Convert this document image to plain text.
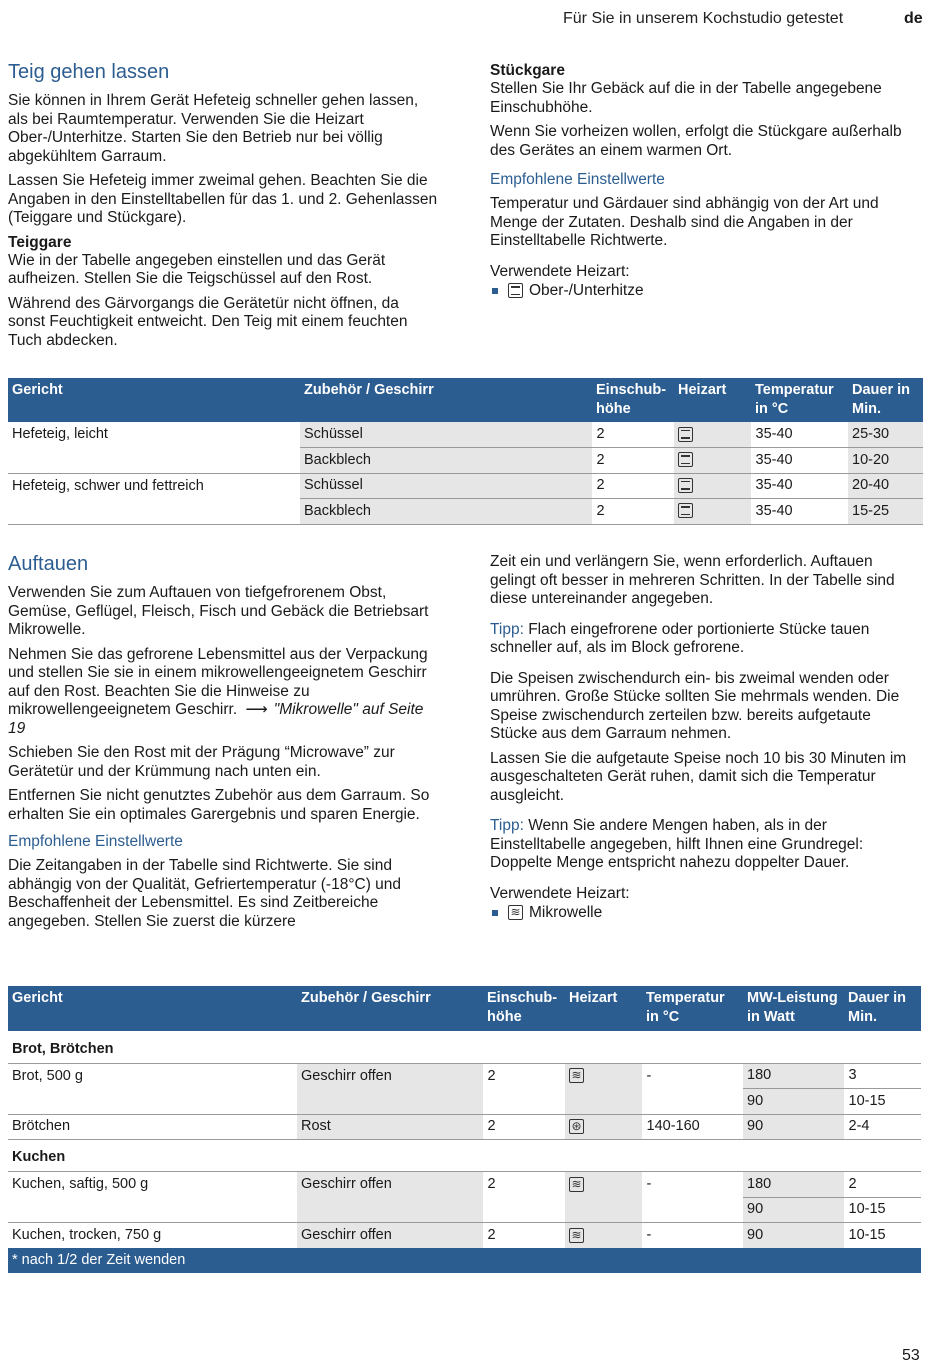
Für Sie in unserem Kochstudio getestet	de
Teig gehen lassen

Sie können in Ihrem Gerät Hefeteig schneller gehen lassen, als bei Raumtemperatur. Verwenden Sie die Heizart Ober-/Unterhitze. Starten Sie den Betrieb nur bei völlig abgekühltem Garraum.

Lassen Sie Hefeteig immer zweimal gehen. Beachten Sie die Angaben in den Einstelltabellen für das 1. und 2. Gehenlassen (Teiggare und Stückgare).

Teiggare

Wie in der Tabelle angegeben einstellen und das Gerät aufheizen. Stellen Sie die Teigschüssel auf den Rost.

Während des Gärvorgangs die Gerätetür nicht öffnen, da sonst Feuchtigkeit entweicht. Den Teig mit einem feuchten Tuch abdecken.

Stückgare

Stellen Sie Ihr Gebäck auf die in der Tabelle angegebene Einschubhöhe.

Wenn Sie vorheizen wollen, erfolgt die Stückgare außerhalb des Gerätes an einem warmen Ort.

Empfohlene Einstellwerte

Temperatur und Gärdauer sind abhängig von der Art und Menge der Zutaten. Deshalb sind die Angaben in der Einstelltabelle Richtwerte.

Verwendete Heizart:

Ober-/Unterhitze
Gericht	Zubehör / Geschirr	Einschub-
höhe	Heizart	Temperatur
in °C	Dauer in
Min.
Hefeteig, leicht	Schüssel	2		35-40	25-30
	Backblech	2		35-40	10-20
Hefeteig, schwer und fettreich	Schüssel	2		35-40	20-40
	Backblech	2		35-40	15-25
Auftauen

Verwenden Sie zum Auftauen von tiefgefrorenem Obst, Gemüse, Geflügel, Fleisch, Fisch und Gebäck die Betriebsart Mikrowelle.

Nehmen Sie das gefrorene Lebensmittel aus der Verpackung und stellen Sie sie in einem mikrowellengeeignetem Geschirr auf den Rost. Beachten Sie die Hinweise zu mikrowellengeeignetem Geschirr. ⟶ "Mikrowelle" auf Seite 19

Schieben Sie den Rost mit der Prägung “Microwave” zur Gerätetür und der Krümmung nach unten ein.

Entfernen Sie nicht genutztes Zubehör aus dem Garraum. So erhalten Sie ein optimales Garergebnis und sparen Energie.

Empfohlene Einstellwerte

Die Zeitangaben in der Tabelle sind Richtwerte. Sie sind abhängig von der Qualität, Gefriertemperatur (-18°C) und Beschaffenheit der Lebensmittel. Es sind Zeitbereiche angegeben. Stellen Sie zuerst die kürzere

Zeit ein und verlängern Sie, wenn erforderlich. Auftauen gelingt oft besser in mehreren Schritten. In der Tabelle sind diese untereinander angegeben.

Tipp: Flach eingefrorene oder portionierte Stücke tauen schneller auf, als im Block gefrorene.

Die Speisen zwischendurch ein- bis zweimal wenden oder umrühren. Große Stücke sollten Sie mehrmals wenden. Die Speise zwischendurch zerteilen bzw. bereits aufgetaute Stücke aus dem Garraum nehmen.

Lassen Sie die aufgetaute Speise noch 10 bis 30 Minuten im ausgeschalteten Gerät ruhen, damit sich die Temperatur ausgleicht.

Tipp: Wenn Sie andere Mengen haben, als in der Einstelltabelle angegeben, hilft Ihnen eine Grundregel: Doppelte Menge entspricht nahezu doppelter Dauer.

Verwendete Heizart:

≋
Mikrowelle
Gericht	Zubehör / Geschirr	Einschub-
höhe	Heizart	Temperatur
in °C	MW-Leistung
in Watt	Dauer in
Min.
Brot, Brötchen						
Brot, 500 g	Geschirr offen	2	≋	-	180	3
					90	10-15
Brötchen	Rost	2	⊛	140-160	90	2-4
Kuchen						
Kuchen, saftig, 500 g	Geschirr offen	2	≋	-	180	2
					90	10-15
Kuchen, trocken, 750 g	Geschirr offen	2	≋	-	90	10-15
* nach 1/2 der Zeit wenden						
53
